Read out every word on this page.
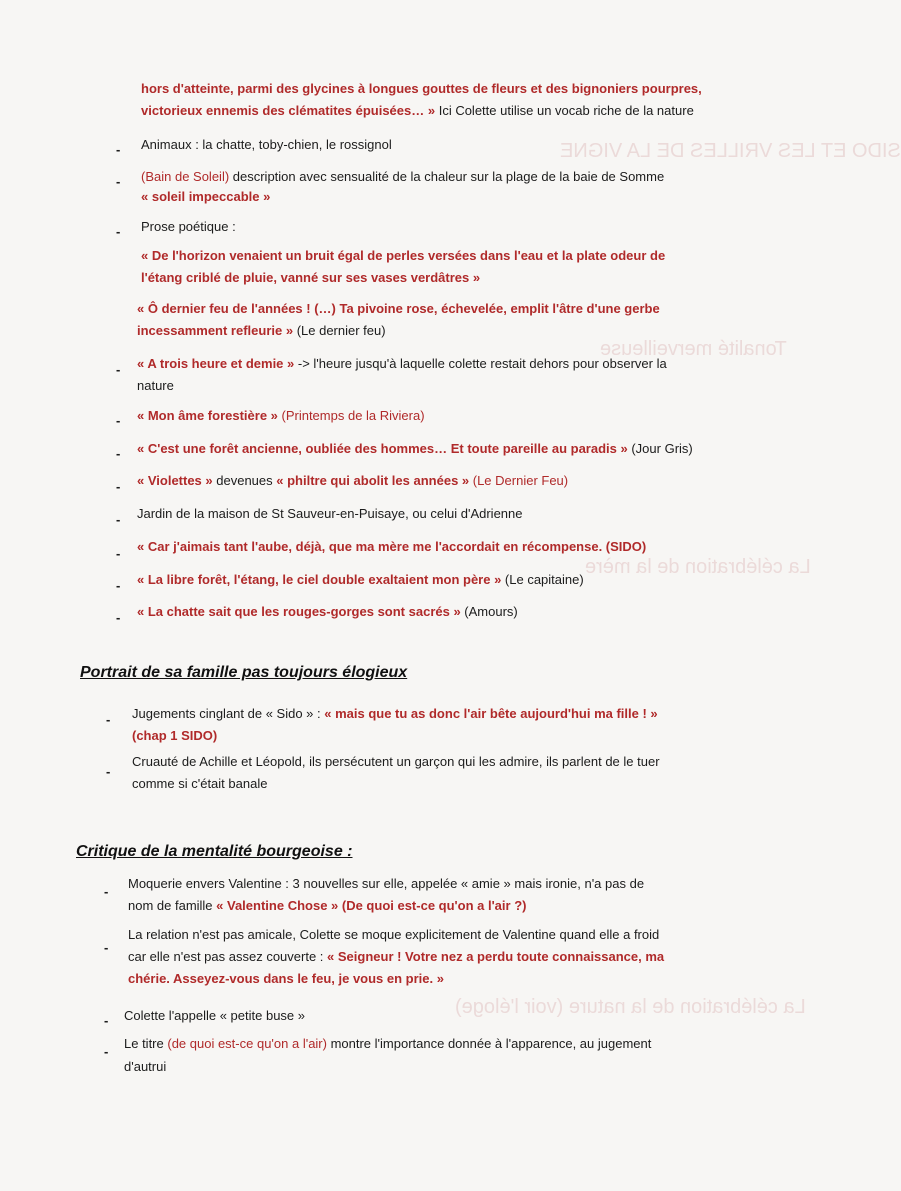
SIDO ET LES VRILLES DE LA VIGNE
Tonalité merveilleuse
La célébration de la mère
La célébration de la nature (voir l'éloge)
hors d'atteinte, parmi des glycines à longues gouttes de fleurs et des bignoniers pourpres,
victorieux ennemis des clématites épuisées… » Ici Colette utilise un vocab riche de la nature
- Animaux : la chatte, toby-chien, le rossignol
- (Bain de Soleil) description avec sensualité de la chaleur sur la plage de la baie de Somme
« soleil impeccable »
- Prose poétique :
« De l'horizon venaient un bruit égal de perles versées dans l'eau et la plate odeur de
l'étang criblé de pluie, vanné sur ses vases verdâtres »
« Ô dernier feu de l'années ! (…) Ta pivoine rose, échevelée, emplit l'âtre d'une gerbe
incessamment refleurie » (Le dernier feu)
- « A trois heure et demie » -> l'heure jusqu'à laquelle colette restait dehors pour observer la
nature
- « Mon âme forestière » (Printemps de la Riviera)
- « C'est une forêt ancienne, oubliée des hommes… Et toute pareille au paradis » (Jour Gris)
- « Violettes » devenues « philtre qui abolit les années » (Le Dernier Feu)
- Jardin de la maison de St Sauveur-en-Puisaye, ou celui d'Adrienne
- « Car j'aimais tant l'aube, déjà, que ma mère me l'accordait en récompense. (SIDO)
- « La libre forêt, l'étang, le ciel double exaltaient mon père » (Le capitaine)
- « La chatte sait que les rouges-gorges sont sacrés » (Amours)
Portrait de sa famille pas toujours élogieux
- Jugements cinglant de « Sido » : « mais que tu as donc l'air bête aujourd'hui ma fille ! »
(chap 1 SIDO)
-
Cruauté de Achille et Léopold, ils persécutent un garçon qui les admire, ils parlent de le tuer
comme si c'était banale
Critique de la mentalité bourgeoise :
-
Moquerie envers Valentine : 3 nouvelles sur elle, appelée « amie » mais ironie, n'a pas de
nom de famille « Valentine Chose » (De quoi est-ce qu'on a l'air ?)
-
La relation n'est pas amicale, Colette se moque explicitement de Valentine quand elle a froid
car elle n'est pas assez couverte : « Seigneur ! Votre nez a perdu toute connaissance, ma
chérie. Asseyez-vous dans le feu, je vous en prie. »
- Colette l'appelle « petite buse »
-
Le titre (de quoi est-ce qu'on a l'air) montre l'importance donnée à l'apparence, au jugement
d'autrui
